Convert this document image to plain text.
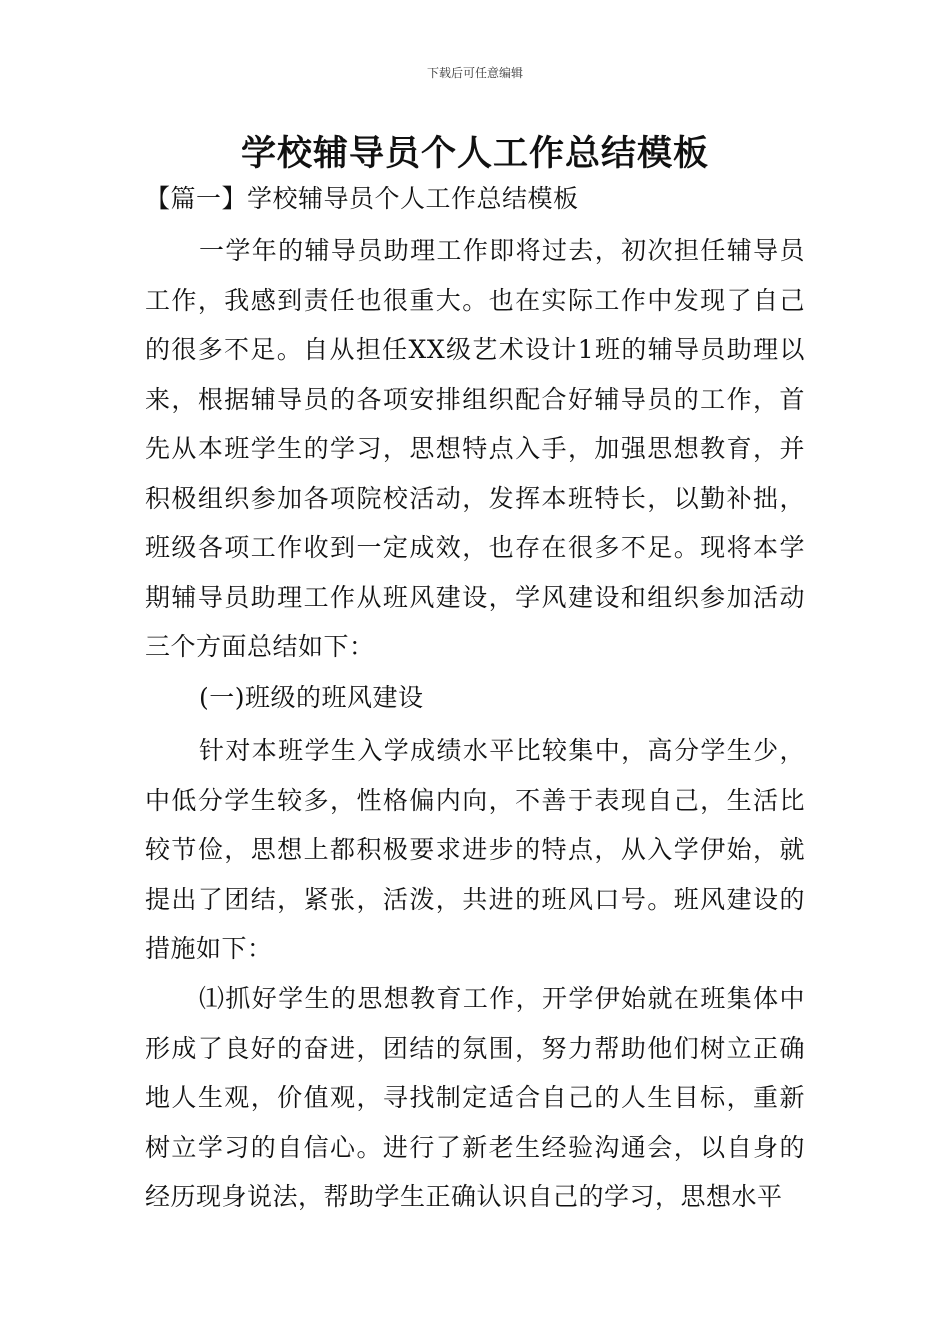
下载后可任意编辑
学校辅导员个人工作总结模板
【篇一】学校辅导员个人工作总结模板
一学年的辅导员助理工作即将过去，初次担任辅导员工作，我感到责任也很重大。也在实际工作中发现了自己的很多不足。自从担任XX级艺术设计1班的辅导员助理以来，根据辅导员的各项安排组织配合好辅导员的工作，首先从本班学生的学习，思想特点入手，加强思想教育，并积极组织参加各项院校活动，发挥本班特长，以勤补拙，班级各项工作收到一定成效，也存在很多不足。现将本学期辅导员助理工作从班风建设，学风建设和组织参加活动三个方面总结如下：
(一)班级的班风建设
针对本班学生入学成绩水平比较集中，高分学生少，中低分学生较多，性格偏内向，不善于表现自己，生活比较节俭，思想上都积极要求进步的特点，从入学伊始，就提出了团结，紧张，活泼，共进的班风口号。班风建设的措施如下：
⑴抓好学生的思想教育工作，开学伊始就在班集体中形成了良好的奋进，团结的氛围，努力帮助他们树立正确地人生观，价值观，寻找制定适合自己的人生目标，重新树立学习的自信心。进行了新老生经验沟通会，以自身的经历现身说法，帮助学生正确认识自己的学习，思想水平
